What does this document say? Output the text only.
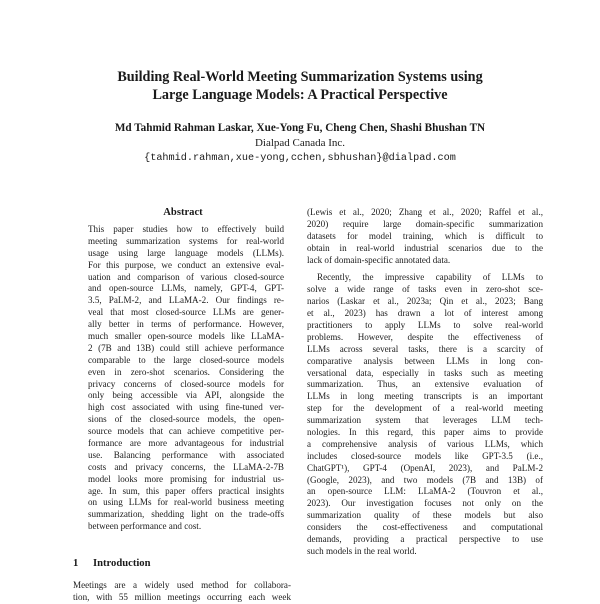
Building Real-World Meeting Summarization Systems using
Large Language Models: A Practical Perspective
Md Tahmid Rahman Laskar, Xue-Yong Fu, Cheng Chen, Shashi Bhushan TN
Dialpad Canada Inc.
{tahmid.rahman,xue-yong,cchen,sbhushan}@dialpad.com
Abstract
This paper studies how to effectively build
meeting summarization systems for real-world
usage using large language models (LLMs).
For this purpose, we conduct an extensive eval-
uation and comparison of various closed-source
and open-source LLMs, namely, GPT-4, GPT-
3.5, PaLM-2, and LLaMA-2. Our findings re-
veal that most closed-source LLMs are gener-
ally better in terms of performance. However,
much smaller open-source models like LLaMA-
2 (7B and 13B) could still achieve performance
comparable to the large closed-source models
even in zero-shot scenarios. Considering the
privacy concerns of closed-source models for
only being accessible via API, alongside the
high cost associated with using fine-tuned ver-
sions of the closed-source models, the open-
source models that can achieve competitive per-
formance are more advantageous for industrial
use. Balancing performance with associated
costs and privacy concerns, the LLaMA-2-7B
model looks more promising for industrial us-
age. In sum, this paper offers practical insights
on using LLMs for real-world business meeting
summarization, shedding light on the trade-offs
between performance and cost.
(Lewis et al., 2020; Zhang et al., 2020; Raffel et al.,
2020) require large domain-specific summarization
datasets for model training, which is difficult to
obtain in real-world industrial scenarios due to the
lack of domain-specific annotated data.
Recently, the impressive capability of LLMs to
solve a wide range of tasks even in zero-shot sce-
narios (Laskar et al., 2023a; Qin et al., 2023; Bang
et al., 2023) has drawn a lot of interest among
practitioners to apply LLMs to solve real-world
problems. However, despite the effectiveness of
LLMs across several tasks, there is a scarcity of
comparative analysis between LLMs in long con-
versational data, especially in tasks such as meeting
summarization. Thus, an extensive evaluation of
LLMs in long meeting transcripts is an important
step for the development of a real-world meeting
summarization system that leverages LLM tech-
nologies. In this regard, this paper aims to provide
a comprehensive analysis of various LLMs, which
includes closed-source models like GPT-3.5 (i.e.,
ChatGPT¹), GPT-4 (OpenAI, 2023), and PaLM-2
(Google, 2023), and two models (7B and 13B) of
an open-source LLM: LLaMA-2 (Touvron et al.,
2023). Our investigation focuses not only on the
summarization quality of these models but also
considers the cost-effectiveness and computational
demands, providing a practical perspective to use
such models in the real world.
1 Introduction
Meetings are a widely used method for collabora-
tion, with 55 million meetings occurring each week
